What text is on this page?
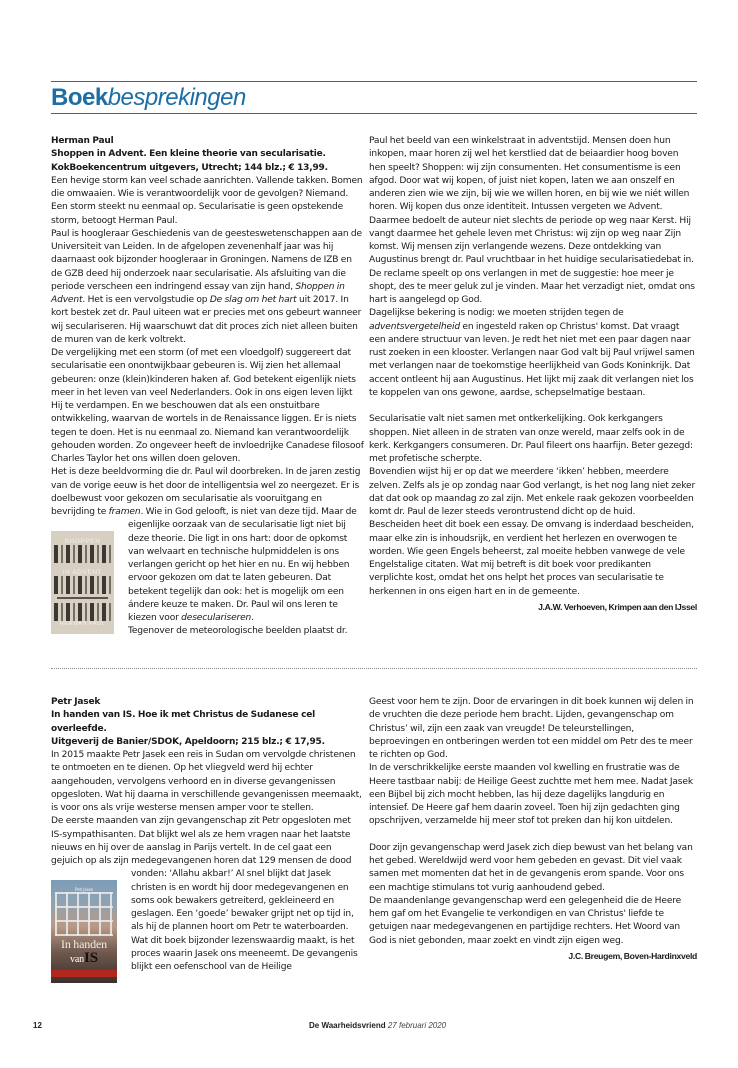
Boekbesprekingen

Herman Paul

Shoppen in Advent. Een kleine theorie van secularisatie.

KokBoekencentrum uitgevers, Utrecht; 144 blz.; € 13,99.

Een hevige storm kan veel schade aanrichten. Vallende takken. Bomen die omwaaien. Wie is verantwoordelijk voor de gevolgen? Niemand. Een storm steekt nu eenmaal op. Secularisatie is geen opstekende storm, betoogt Herman Paul.

Paul is hoogleraar Geschiedenis van de geesteswetenschappen aan de Universiteit van Leiden. In de afgelopen zevenenhalf jaar was hij daarnaast ook bijzonder hoogleraar in Groningen. Namens de IZB en de GZB deed hij onderzoek naar secularisatie. Als afsluiting van die periode verscheen een indringend essay van zijn hand, Shoppen in Advent. Het is een vervolgstudie op De slag om het hart uit 2017. In kort bestek zet dr. Paul uiteen wat er precies met ons gebeurt wanneer wij seculariseren. Hij waarschuwt dat dit proces zich niet alleen buiten de muren van de kerk voltrekt.

De vergelijking met een storm (of met een vloedgolf) suggereert dat secularisatie een onontwijkbaar gebeuren is. Wij zien het allemaal gebeuren: onze (klein)kinderen haken af. God betekent eigenlijk niets meer in het leven van veel Nederlanders. Ook in ons eigen leven lijkt Hij te verdampen. En we beschouwen dat als een onstuitbare ontwikkeling, waarvan de wortels in de Renaissance liggen. Er is niets tegen te doen. Het is nu eenmaal zo. Niemand kan verantwoordelijk gehouden worden. Zo ongeveer heeft de invloedrijke Canadese filosoof Charles Taylor het ons willen doen geloven.

Het is deze beeldvorming die dr. Paul wil doorbreken. In de jaren zestig van de vorige eeuw is het door de intelligentsia wel zo neergezet. Er is doelbewust voor gekozen om secularisatie als vooruitgang en bevrijding te framen. Wie in God gelooft, is niet van deze tijd. Maar de

SHOPPEN
IN ADVENT
HERMAN PAUL

eigenlijke oorzaak van de secularisatie ligt niet bij deze theorie. Die ligt in ons hart: door de opkomst van welvaart en technische hulpmiddelen is ons verlangen gericht op het hier en nu. En wij hebben ervoor gekozen om dat te laten gebeuren. Dat betekent tegelijk dan ook: het is mogelijk om een ándere keuze te maken. Dr. Paul wil ons leren te kiezen voor deseculariseren.

Tegenover de meteorologische beelden plaatst dr.

Paul het beeld van een winkelstraat in adventstijd. Mensen doen hun inkopen, maar horen zij wel het kerstlied dat de beiaardier hoog boven hen speelt? Shoppen: wij zijn consumenten. Het consumentisme is een afgod. Door wat wij kopen, of juist niet kopen, laten we aan onszelf en anderen zien wie we zijn, bij wie we willen horen, en bij wie we niét willen horen. Wij kopen dus onze identiteit. Intussen vergeten we Advent. Daarmee bedoelt de auteur niet slechts de periode op weg naar Kerst. Hij vangt daarmee het gehele leven met Christus: wij zijn op weg naar Zijn komst. Wij mensen zijn verlangende wezens. Deze ontdekking van Augustinus brengt dr. Paul vruchtbaar in het huidige secularisatiedebat in. De reclame speelt op ons verlangen in met de suggestie: hoe meer je shopt, des te meer geluk zul je vinden. Maar het verzadigt niet, omdat ons hart is aangelegd op God.

Dagelijkse bekering is nodig: we moeten strijden tegen de adventsvergetelheid en ingesteld raken op Christus' komst. Dat vraagt een andere structuur van leven. Je redt het niet met een paar dagen naar rust zoeken in een klooster. Verlangen naar God valt bij Paul vrijwel samen met verlangen naar de toekomstige heerlijkheid van Gods Koninkrijk. Dat accent ontleent hij aan Augustinus. Het lijkt mij zaak dit verlangen niet los te koppelen van ons gewone, aardse, schepselmatige bestaan.

Secularisatie valt niet samen met ontkerkelijking. Ook kerkgangers shoppen. Niet alleen in de straten van onze wereld, maar zelfs ook in de kerk. Kerkgangers consumeren. Dr. Paul fileert ons haarfijn. Beter gezegd: met profetische scherpte.

Bovendien wijst hij er op dat we meerdere ‘ikken’ hebben, meerdere zelven. Zelfs als je op zondag naar God verlangt, is het nog lang niet zeker dat dat ook op maandag zo zal zijn. Met enkele raak gekozen voorbeelden komt dr. Paul de lezer steeds verontrustend dicht op de huid.

Bescheiden heet dit boek een essay. De omvang is inderdaad bescheiden, maar elke zin is inhoudsrijk, en verdient het herlezen en overwogen te worden. Wie geen Engels beheerst, zal moeite hebben vanwege de vele Engelstalige citaten. Wat mij betreft is dit boek voor predikanten verplichte kost, omdat het ons helpt het proces van secularisatie te herkennen in ons eigen hart en in de gemeente.

J.A.W. Verhoeven, Krimpen aan den IJssel

Petr Jasek

In handen van IS. Hoe ik met Christus de Sudanese cel overleefde.

Uitgeverij de Banier/SDOK, Apeldoorn; 215 blz.; € 17,95.

In 2015 maakte Petr Jasek een reis in Sudan om vervolgde christenen te ontmoeten en te dienen. Op het vliegveld werd hij echter aangehouden, vervolgens verhoord en in diverse gevangenissen opgesloten. Wat hij daarna in verschillende gevangenissen meemaakt, is voor ons als vrije westerse mensen amper voor te stellen.

De eerste maanden van zijn gevangenschap zit Petr opgesloten met IS-sympathisanten. Dat blijkt wel als ze hem vragen naar het laatste nieuws en hij over de aanslag in Parijs vertelt. In de cel gaat een gejuich op als zijn medegevangenen horen dat 129 mensen de dood

Petr Jasek
In handen
vanIS

vonden: ‘Allahu akbar!’ Al snel blijkt dat Jasek christen is en wordt hij door medegevangenen en soms ook bewakers getreiterd, gekleineerd en geslagen. Een ‘goede’ bewaker grijpt net op tijd in, als hij de plannen hoort om Petr te waterboarden.

Wat dit boek bijzonder lezenswaardig maakt, is het proces waarin Jasek ons meeneemt. De gevangenis blijkt een oefenschool van de Heilige

Geest voor hem te zijn. Door de ervaringen in dit boek kunnen wij delen in de vruchten die deze periode hem bracht. Lijden, gevangenschap om Christus’ wil, zijn een zaak van vreugde! De teleurstellingen, beproevingen en ontberingen werden tot een middel om Petr des te meer te richten op God.

In de verschrikkelijke eerste maanden vol kwelling en frustratie was de Heere tastbaar nabij: de Heilige Geest zuchtte met hem mee. Nadat Jasek een Bijbel bij zich mocht hebben, las hij deze dagelijks langdurig en intensief. De Heere gaf hem daarin zoveel. Toen hij zijn gedachten ging opschrijven, verzamelde hij meer stof tot preken dan hij kon uitdelen.

Door zijn gevangenschap werd Jasek zich diep bewust van het belang van het gebed. Wereldwijd werd voor hem gebeden en gevast. Dit viel vaak samen met momenten dat het in de gevangenis erom spande. Voor ons een machtige stimulans tot vurig aanhoudend gebed.

De maandenlange gevangenschap werd een gelegenheid die de Heere hem gaf om het Evangelie te verkondigen en van Christus' liefde te getuigen naar medegevangenen en partijdige rechters. Het Woord van God is niet gebonden, maar zoekt en vindt zijn eigen weg.

J.C. Breugem, Boven-Hardinxveld
12	De Waarheidsvriend 27 februari 2020
